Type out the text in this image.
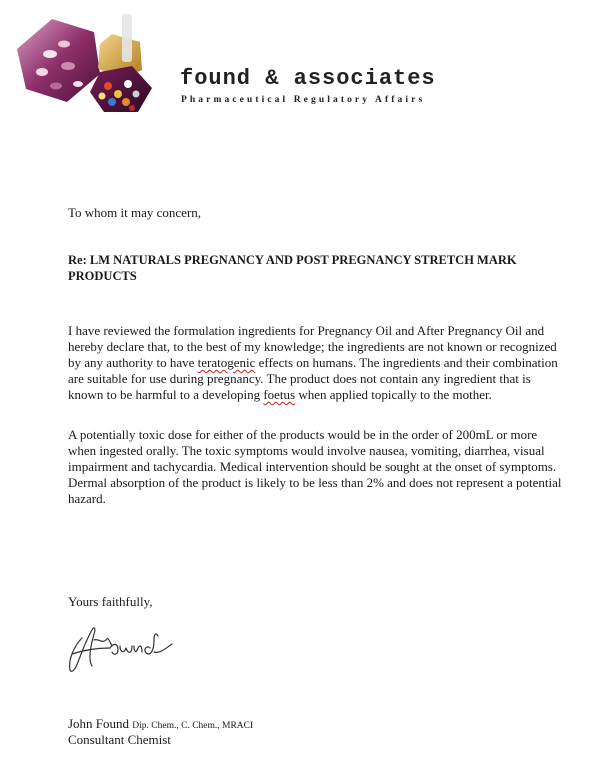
found & associates
Pharmaceutical Regulatory Affairs
To whom it may concern,
Re: LM NATURALS PREGNANCY AND POST PREGNANCY STRETCH MARK PRODUCTS
I have reviewed the formulation ingredients for Pregnancy Oil and After Pregnancy Oil and hereby declare that, to the best of my knowledge; the ingredients are not known or recognized by any authority to have teratogenic effects on humans. The ingredients and their combination are suitable for use during pregnancy. The product does not contain any ingredient that is known to be harmful to a developing foetus when applied topically to the mother.
A potentially toxic dose for either of the products would be in the order of 200mL or more when ingested orally. The toxic symptoms would involve nausea, vomiting, diarrhea, visual impairment and tachycardia. Medical intervention should be sought at the onset of symptoms. Dermal absorption of the product is likely to be less than 2% and does not represent a potential hazard.
Yours faithfully,
John Found Dip. Chem., C. Chem., MRACI
Consultant Chemist
